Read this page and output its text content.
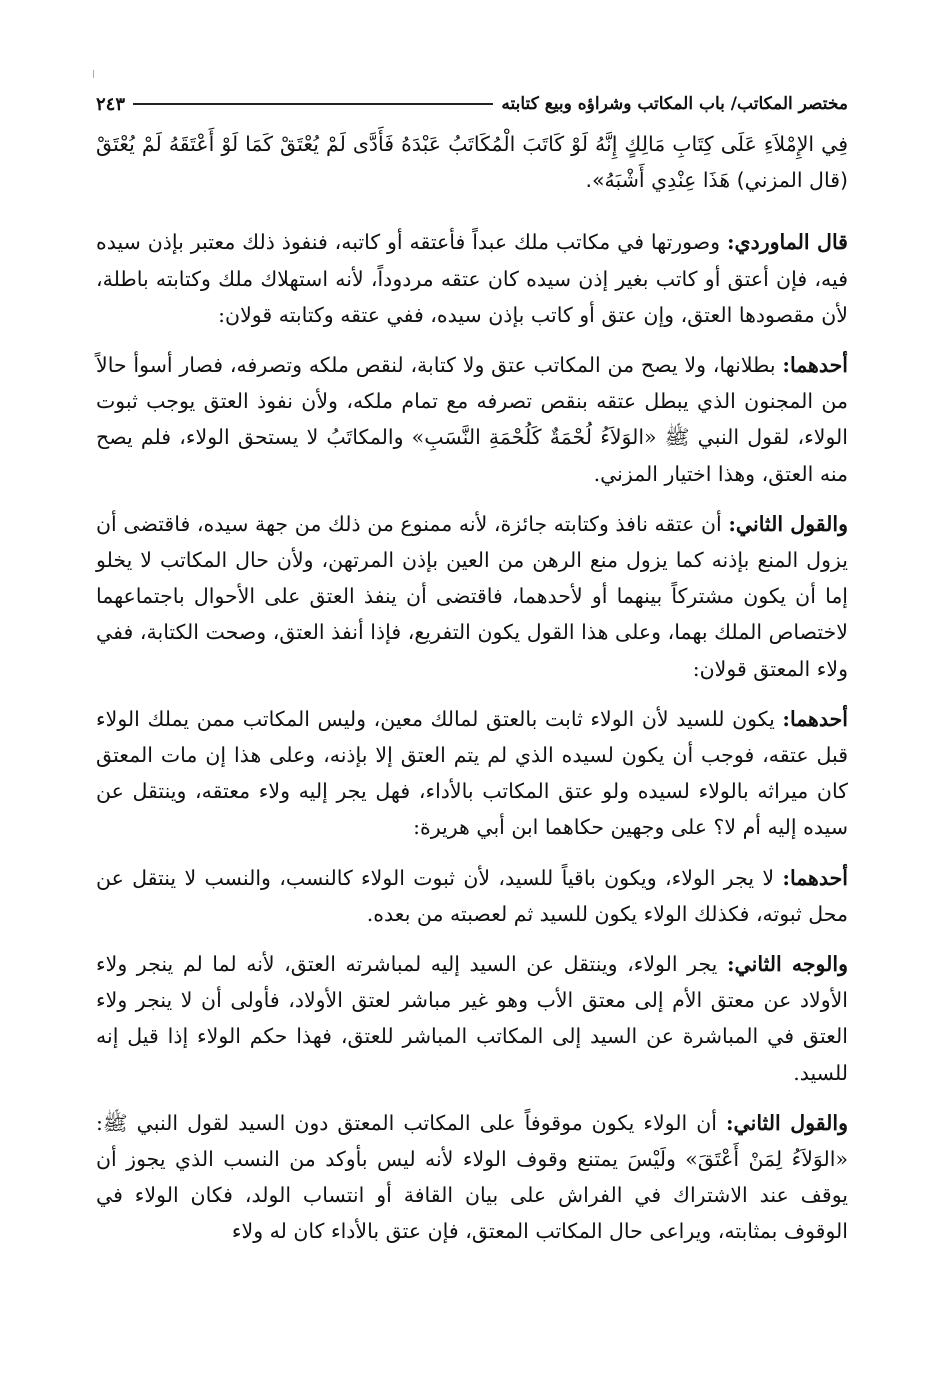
مختصر المكاتب/ باب المكاتب وشراؤه وبيع كتابته
٢٤٣

فِي الإِمْلاَءِ عَلَى كِتَابِ مَالِكٍ إِنَّهُ لَوْ كَاتَبَ الْمُكَاتَبُ عَبْدَهُ فَأَدَّى لَمْ يُعْتَقْ كَمَا لَوْ أَعْتَقَهُ لَمْ يُعْتَقْ (قال المزني) هَذَا عِنْدِي أَشْبَهُ».

قال الماوردي: وصورتها في مكاتب ملك عبداً فأعتقه أو كاتبه، فنفوذ ذلك معتبر بإذن سيده فيه، فإن أعتق أو كاتب بغير إذن سيده كان عتقه مردوداً، لأنه استهلاك ملك وكتابته باطلة، لأن مقصودها العتق، وإن عتق أو كاتب بإذن سيده، ففي عتقه وكتابته قولان:

أحدهما: بطلانها، ولا يصح من المكاتب عتق ولا كتابة، لنقص ملكه وتصرفه، فصار أسوأ حالاً من المجنون الذي يبطل عتقه بنقص تصرفه مع تمام ملكه، ولأن نفوذ العتق يوجب ثبوت الولاء، لقول النبي ﷺ «الوَلاَءُ لُحْمَةٌ كَلُحْمَةِ النَّسَبِ» والمكاتَبُ لا يستحق الولاء، فلم يصح منه العتق، وهذا اختيار المزني.

والقول الثاني: أن عتقه نافذ وكتابته جائزة، لأنه ممنوع من ذلك من جهة سيده، فاقتضى أن يزول المنع بإذنه كما يزول منع الرهن من العين بإذن المرتهن، ولأن حال المكاتب لا يخلو إما أن يكون مشتركاً بينهما أو لأحدهما، فاقتضى أن ينفذ العتق على الأحوال باجتماعهما لاختصاص الملك بهما، وعلى هذا القول يكون التفريع، فإذا أنفذ العتق، وصحت الكتابة، ففي ولاء المعتق قولان:

أحدهما: يكون للسيد لأن الولاء ثابت بالعتق لمالك معين، وليس المكاتب ممن يملك الولاء قبل عتقه، فوجب أن يكون لسيده الذي لم يتم العتق إلا بإذنه، وعلى هذا إن مات المعتق كان ميراثه بالولاء لسيده ولو عتق المكاتب بالأداء، فهل يجر إليه ولاء معتقه، وينتقل عن سيده إليه أم لا؟ على وجهين حكاهما ابن أبي هريرة:

أحدهما: لا يجر الولاء، ويكون باقياً للسيد، لأن ثبوت الولاء كالنسب، والنسب لا ينتقل عن محل ثبوته، فكذلك الولاء يكون للسيد ثم لعصبته من بعده.

والوجه الثاني: يجر الولاء، وينتقل عن السيد إليه لمباشرته العتق، لأنه لما لم ينجر ولاء الأولاد عن معتق الأم إلى معتق الأب وهو غير مباشر لعتق الأولاد، فأولى أن لا ينجر ولاء العتق في المباشرة عن السيد إلى المكاتب المباشر للعتق، فهذا حكم الولاء إذا قيل إنه للسيد.

والقول الثاني: أن الولاء يكون موقوفاً على المكاتب المعتق دون السيد لقول النبي ﷺ: «الوَلاَءُ لِمَنْ أَعْتَقَ» ولَيْسَ يمتنع وقوف الولاء لأنه ليس بأوكد من النسب الذي يجوز أن يوقف عند الاشتراك في الفراش على بيان القافة أو انتساب الولد، فكان الولاء في الوقوف بمثابته، ويراعى حال المكاتب المعتق، فإن عتق بالأداء كان له ولاء
